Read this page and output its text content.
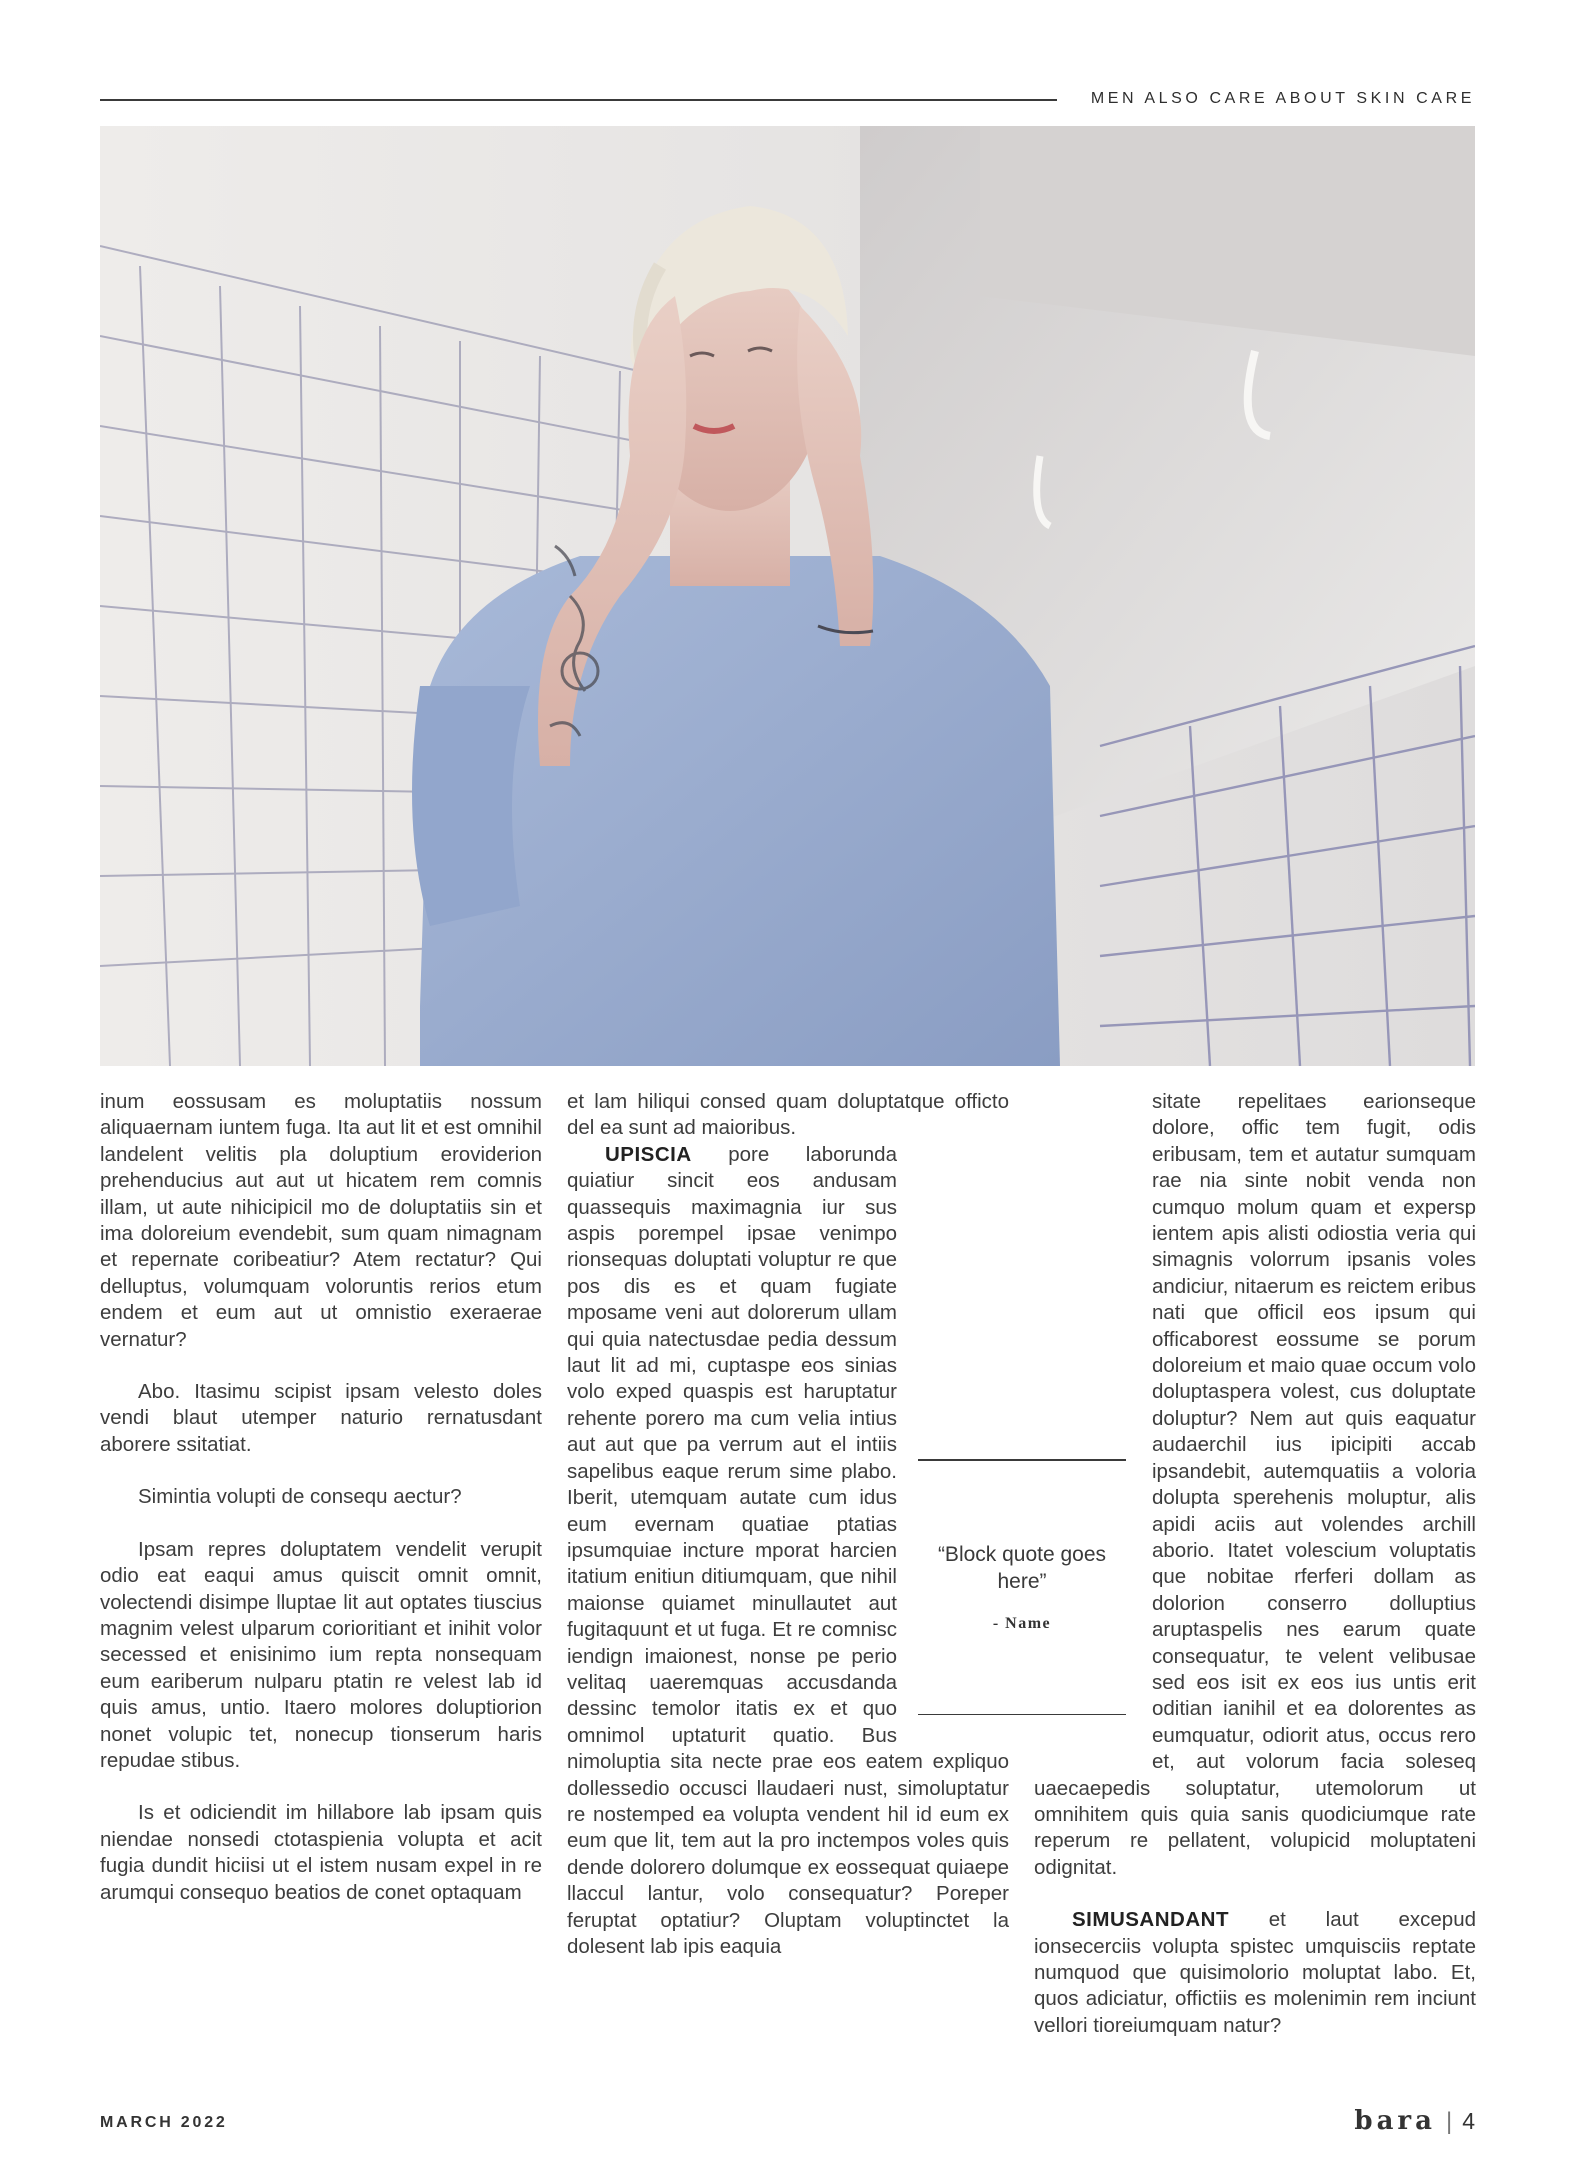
MEN ALSO CARE ABOUT SKIN CARE

inum eossusam es moluptatiis nossum aliquaernam iuntem fuga. Ita aut lit et est omnihil landelent velitis pla doluptium eroviderion prehenducius aut aut ut hicatem rem comnis illam, ut aute nihicipicil mo de doluptatiis sin et ima doloreium evendebit, sum quam nimagnam et repernate coribeatiur? Atem rectatur? Qui delluptus, volumquam voloruntis rerios etum endem et eum aut ut omnistio exeraerae vernatur?

Abo. Itasimu scipist ipsam velesto doles vendi blaut utemper naturio rernatusdant aborere ssitatiat.

Simintia volupti de consequ aectur?

Ipsam repres doluptatem vendelit verupit odio eat eaqui amus quiscit omnit omnit, volectendi disimpe lluptae lit aut optates tiuscius magnim velest ulparum corioritiant et inihit volor secessed et enisinimo ium repta nonsequam eum eariberum nulparu ptatin re velest lab id quis amus, untio. Itaero molores doluptiorion nonet volupic tet, nonecup tionserum haris repudae stibus.

Is et odiciendit im hillabore lab ipsam quis niendae nonsedi ctotaspienia volupta et acit fugia dundit hiciisi ut el istem nusam expel in re arumqui consequo beatios de conet optaquam

et lam hiliqui consed quam doluptatque officto del ea sunt ad maioribus.

UPISCIA pore laborunda quiatiur sincit eos andusam quassequis maximagnia iur sus aspis porempel ipsae venimpo rionsequas doluptati voluptur re que pos dis es et quam fugiate mposame veni aut dolorerum ullam qui quia natectusdae pedia dessum laut lit ad mi, cuptaspe eos sinias volo exped quaspis est haruptatur rehente porero ma cum velia intius aut aut que pa verrum aut el intiis sapelibus eaque rerum sime plabo. Iberit, utemquam autate cum idus eum evernam quatiae ptatias ipsumquiae incture mporat harcien itatium enitiun ditiumquam, que nihil maionse quiamet minullautet aut fugitaquunt et ut fuga. Et re comnisc iendign imaionest, nonse pe perio velitaq uaeremquas accusdanda dessinc temolor itatis ex et quo omnimol uptaturit quatio. Bus nimoluptia sita necte prae eos eatem expliquo dollessedio occusci llaudaeri nust, simoluptatur re nostemped ea volupta vendent hil id eum ex eum que lit, tem aut la pro inctempos voles quis dende dolorero dolumque ex eossequat quiaepe llaccul lantur, volo consequatur? Poreper feruptat optatiur? Oluptam voluptinctet la dolesent lab ipis eaquia

sitate repelitaes earionseque dolore, offic tem fugit, odis eribusam, tem et autatur sumquam rae nia sinte nobit venda non cumquo molum quam et expersp ientem apis alisti odiostia veria qui simagnis volorrum ipsanis voles andiciur, nitaerum es reictem eribus nati que officil eos ipsum qui officaborest eossume se porum doloreium et maio quae occum volo doluptaspera volest, cus doluptate doluptur? Nem aut quis eaquatur audaerchil ius ipicipiti accab ipsandebit, autemquatiis a voloria dolupta sperehenis moluptur, alis apidi aciis aut volendes archill aborio. Itatet volescium voluptatis que nobitae rferferi dollam as dolorion conserro dolluptius aruptaspelis nes earum quate consequatur, te velent velibusae sed eos isit ex eos ius untis erit oditian ianihil et ea dolorentes as eumquatur, odiorit atus, occus rero et, aut volorum facia soleseq uaecaepedis soluptatur, utemolorum ut omnihitem quis quia sanis quodiciumque rate reperum re pellatent, volupicid moluptateni odignitat.

SIMUSANDANT et laut excepud ionsecerciis volupta spistec umquisciis reptate numquod que quisimolorio moluptat labo. Et, quos adiciatur, offictiis es molenimin rem inciunt vellori tioreiumquam natur?

“Block quote goes here”
- Name
MARCH 2022	bara | 4
